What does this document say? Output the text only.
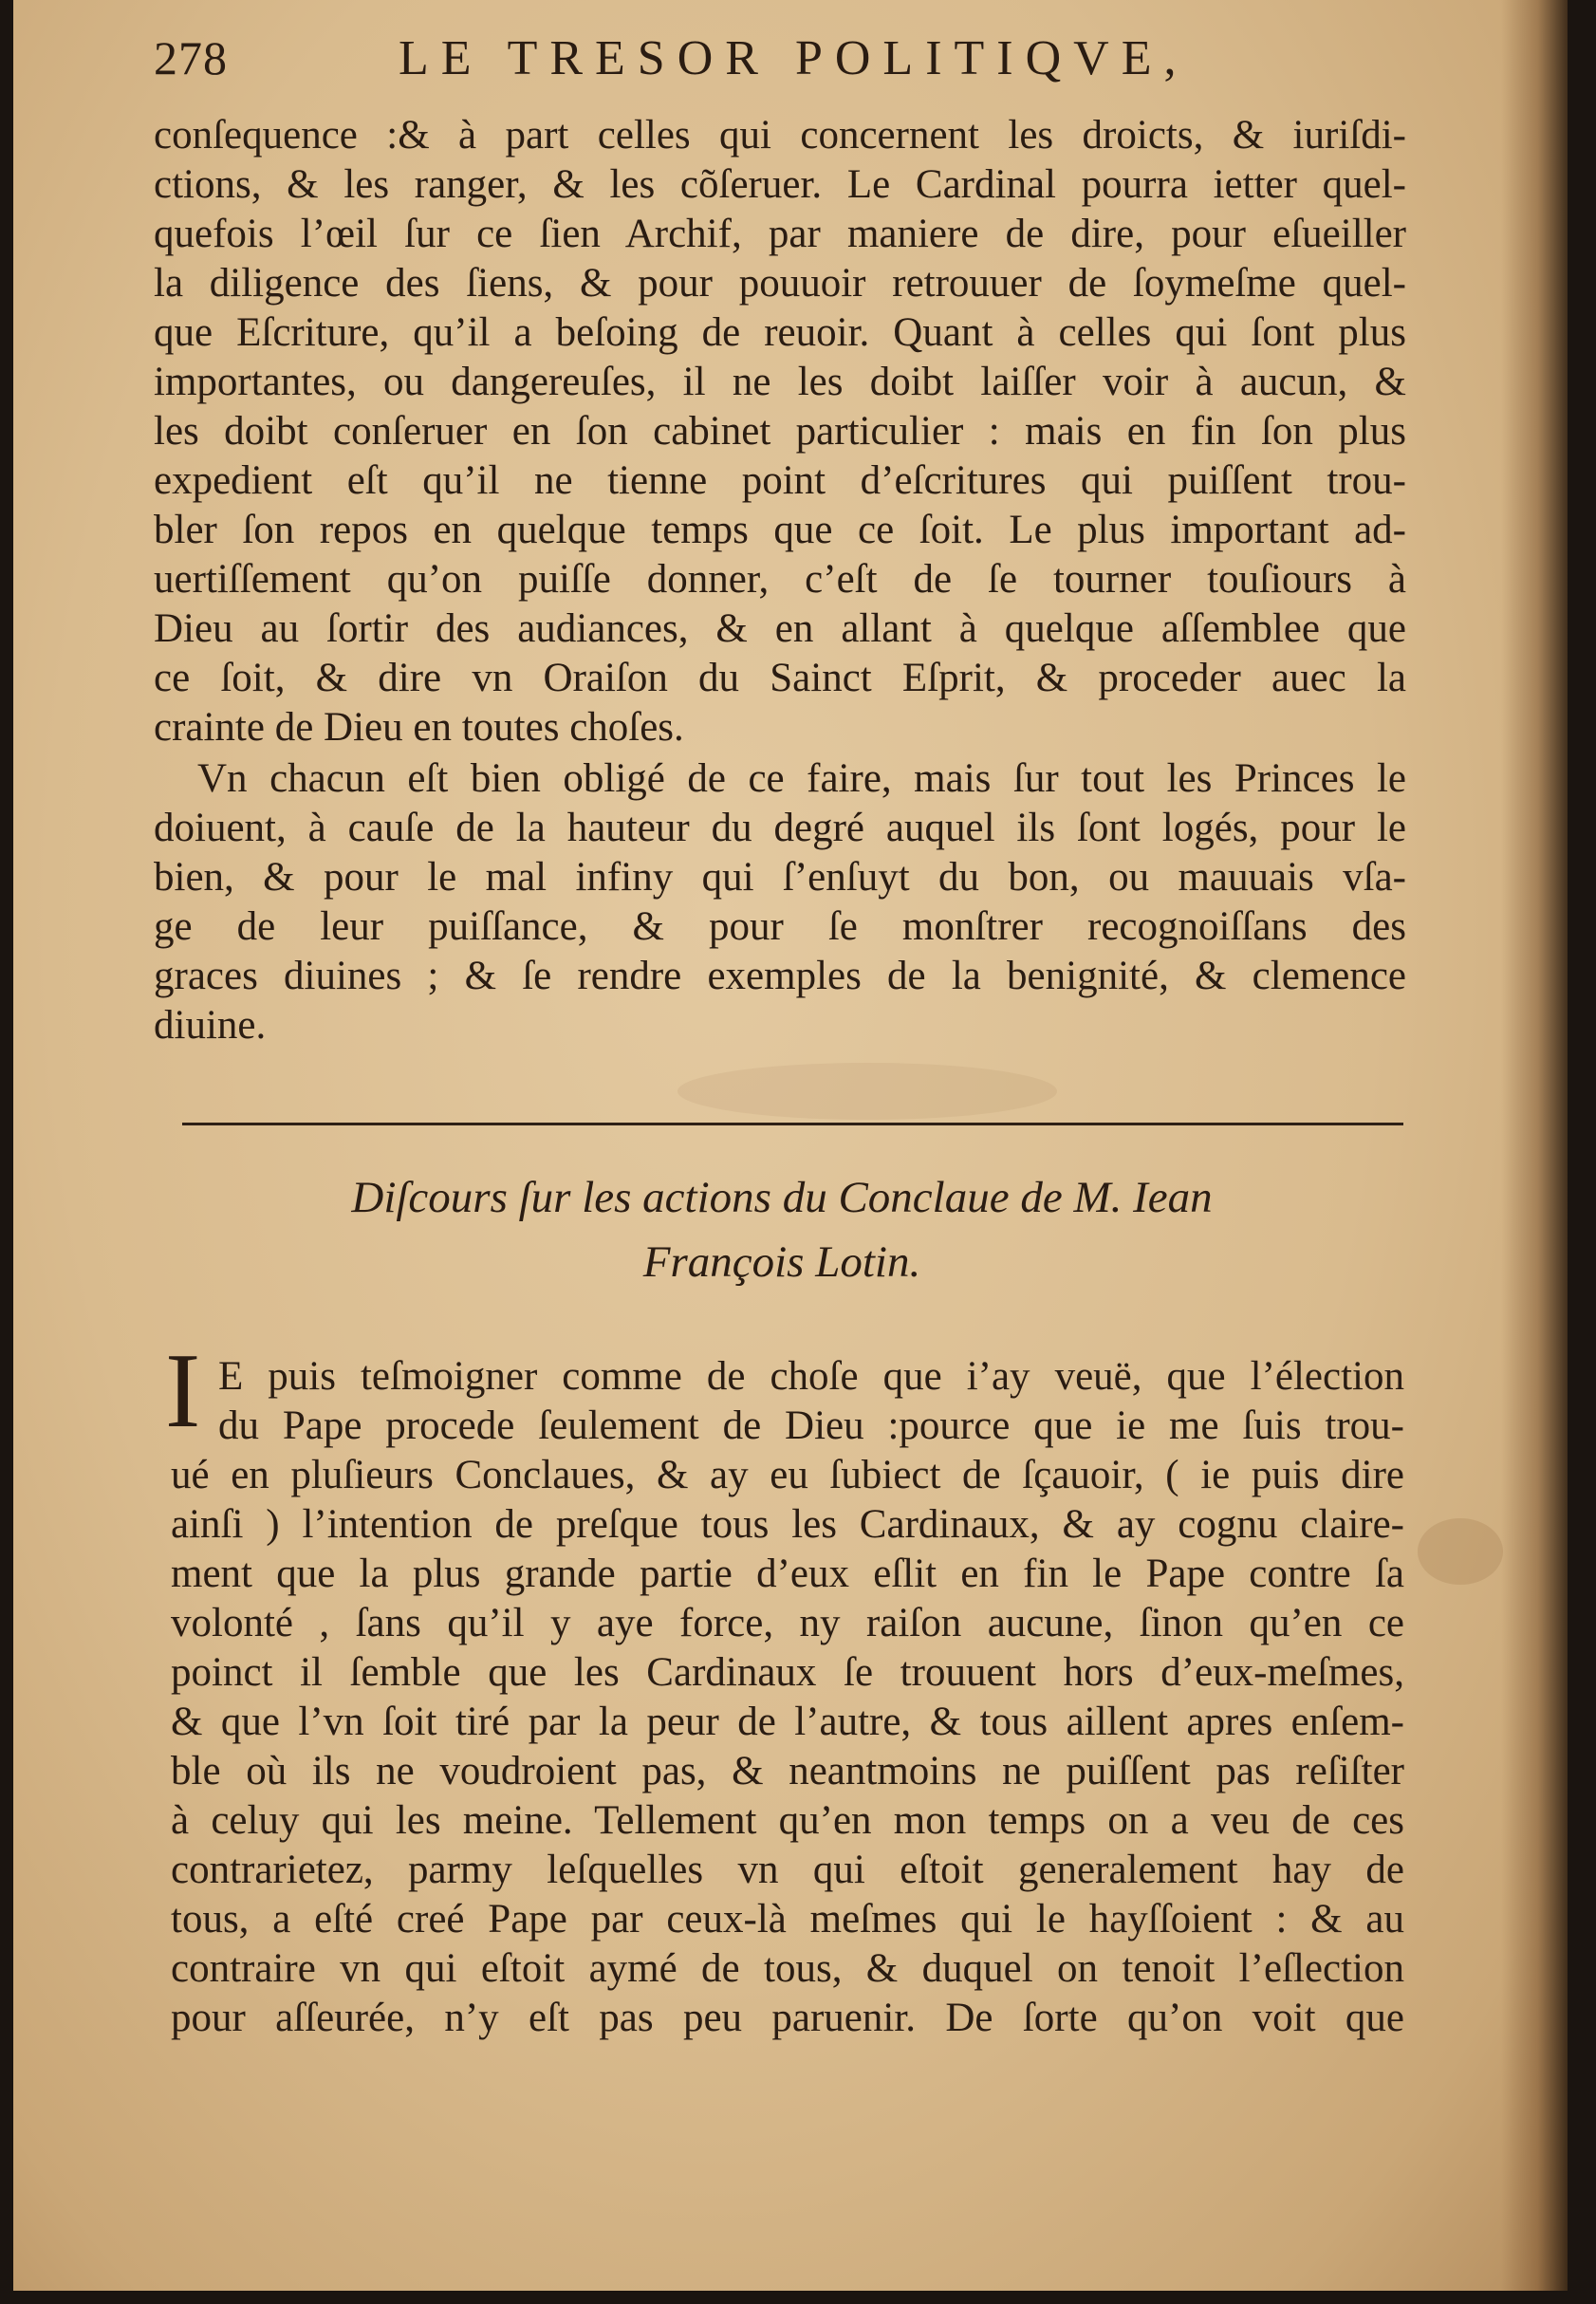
278	LE TRESOR POLITIQVE,
conſequence :& à part celles qui concernent les droicts, & iuriſdi-
ctions, & les ranger, & les cõſeruer. Le Cardinal pourra ietter quel-
quefois l’œil ſur ce ſien Archif, par maniere de dire, pour eſueiller
la diligence des ſiens, & pour pouuoir retrouuer de ſoymeſme quel-
que Eſcriture, qu’il a beſoing de reuoir. Quant à celles qui ſont plus
importantes, ou dangereuſes, il ne les doibt laiſſer voir à aucun, &
les doibt conſeruer en ſon cabinet particulier : mais en fin ſon plus
expedient eſt qu’il ne tienne point d’eſcritures qui puiſſent trou-
bler ſon repos en quelque temps que ce ſoit. Le plus important ad-
uertiſſement qu’on puiſſe donner, c’eſt de ſe tourner touſiours à
Dieu au ſortir des audiances, & en allant à quelque aſſemblee que
ce ſoit, & dire vn Oraiſon du Sainct Eſprit, & proceder auec la
crainte de Dieu en toutes choſes.
Vn chacun eſt bien obligé de ce faire, mais ſur tout les Princes le
doiuent, à cauſe de la hauteur du degré auquel ils ſont logés, pour le
bien, & pour le mal infiny qui ſ’enſuyt du bon, ou mauuais vſa-
ge de leur puiſſance, & pour ſe monſtrer recognoiſſans des
graces diuines ; & ſe rendre exemples de la benignité, & clemence
diuine.
Diſcours ſur les actions du Conclaue de M. Iean
François Lotin.
I E puis teſmoigner comme de choſe que i’ay veuë, que l’élection
du Pape procede ſeulement de Dieu :pource que ie me ſuis trou-
ué en pluſieurs Conclaues, & ay eu ſubiect de ſçauoir, ( ie puis dire
ainſi ) l’intention de preſque tous les Cardinaux, & ay cognu claire-
ment que la plus grande partie d’eux eſlit en fin le Pape contre ſa
volonté , ſans qu’il y aye force, ny raiſon aucune, ſinon qu’en ce
poinct il ſemble que les Cardinaux ſe trouuent hors d’eux-meſmes,
& que l’vn ſoit tiré par la peur de l’autre, & tous aillent apres enſem-
ble où ils ne voudroient pas, & neantmoins ne puiſſent pas reſiſter
à celuy qui les meine. Tellement qu’en mon temps on a veu de ces
contrarietez, parmy leſquelles vn qui eſtoit generalement hay de
tous, a eſté creé Pape par ceux-là meſmes qui le hayſſoient : & au
contraire vn qui eſtoit aymé de tous, & duquel on tenoit l’eſlection
pour aſſeurée, n’y eſt pas peu paruenir. De ſorte qu’on voit que
